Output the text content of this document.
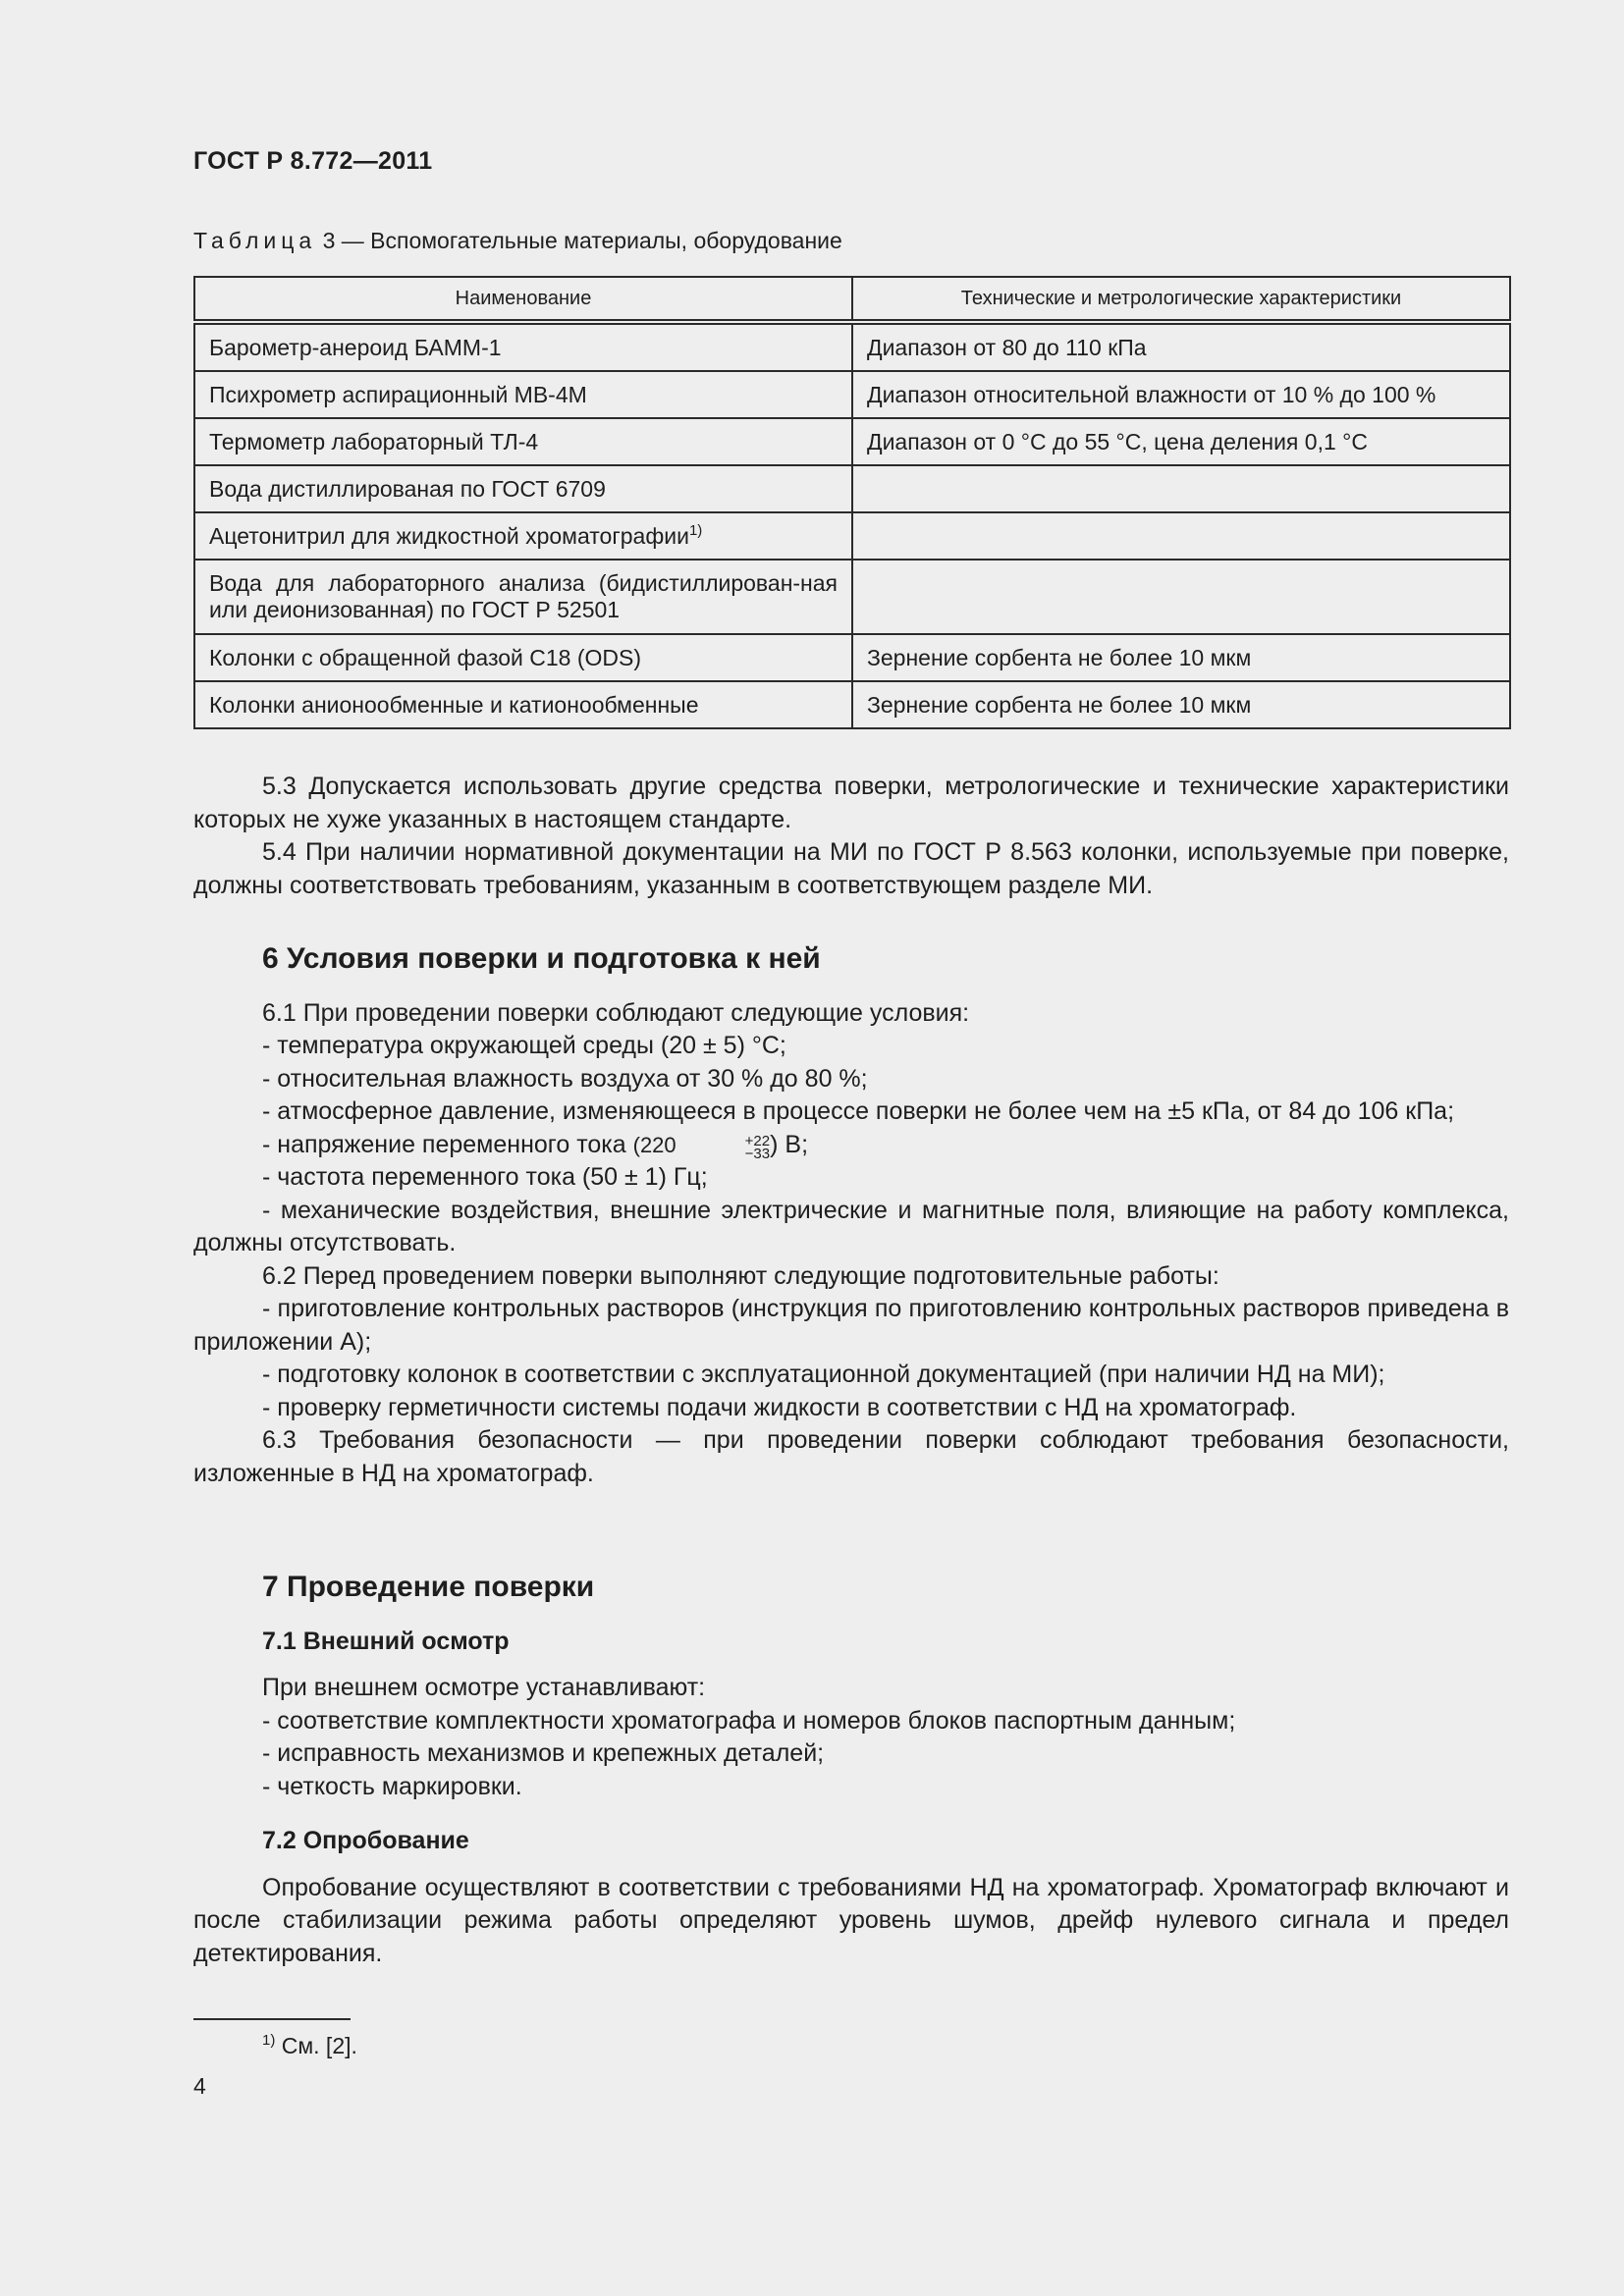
ГОСТ Р 8.772—2011
Таблица 3 — Вспомогательные материалы, оборудование
Наименование	Технические и метрологические характеристики
Барометр-анероид БАММ-1	Диапазон от 80 до 110 кПа
Психрометр аспирационный МВ-4М	Диапазон относительной влажности от 10 % до 100 %
Термометр лабораторный ТЛ-4	Диапазон от 0 °С до 55 °С, цена деления 0,1 °С
Вода дистиллированая по ГОСТ 6709	
Ацетонитрил для жидкостной хроматографии$^{1)}$	
Вода для лабораторного анализа (бидистиллирован-ная или деионизованная) по ГОСТ Р 52501	
Колонки с обращенной фазой С18 (ODS)	Зернение сорбента не более 10 мкм
Колонки анионообменные и катионообменные	Зернение сорбента не более 10 мкм

5.3 Допускается использовать другие средства поверки, метрологические и технические характеристики которых не хуже указанных в настоящем стандарте.

5.4 При наличии нормативной документации на МИ по ГОСТ Р 8.563 колонки, используемые при поверке, должны соответствовать требованиям, указанным в соответствующем разделе МИ.

6 Условия поверки и подготовка к ней

6.1 При проведении поверки соблюдают следующие условия:

- температура окружающей среды (20 ± 5) °С;

- относительная влажность воздуха от 30 % до 80 %;

- атмосферное давление, изменяющееся в процессе поверки не более чем на ±5 кПа, от 84 до 106 кПа;

- напряжение переменного тока (220	+22
−33 ) В;

- частота переменного тока (50 ± 1) Гц;

- механические воздействия, внешние электрические и магнитные поля, влияющие на работу комплекса, должны отсутствовать.

6.2 Перед проведением поверки выполняют следующие подготовительные работы:

- приготовление контрольных растворов (инструкция по приготовлению контрольных растворов приведена в приложении А);

- подготовку колонок в соответствии с эксплуатационной документацией (при наличии НД на МИ);

- проверку герметичности системы подачи жидкости в соответствии с НД на хроматограф.

6.3 Требования безопасности — при проведении поверки соблюдают требования безопасности, изложенные в НД на хроматограф.

7 Проведение поверки

7.1 Внешний осмотр

При внешнем осмотре устанавливают:

- соответствие комплектности хроматографа и номеров блоков паспортным данным;

- исправность механизмов и крепежных деталей;

- четкость маркировки.

7.2 Опробование

Опробование осуществляют в соответствии с требованиями НД на хроматограф. Хроматограф включают и после стабилизации режима работы определяют уровень шумов, дрейф нулевого сигнала и предел детектирования.

$^{1)}$ См. [2].
4
